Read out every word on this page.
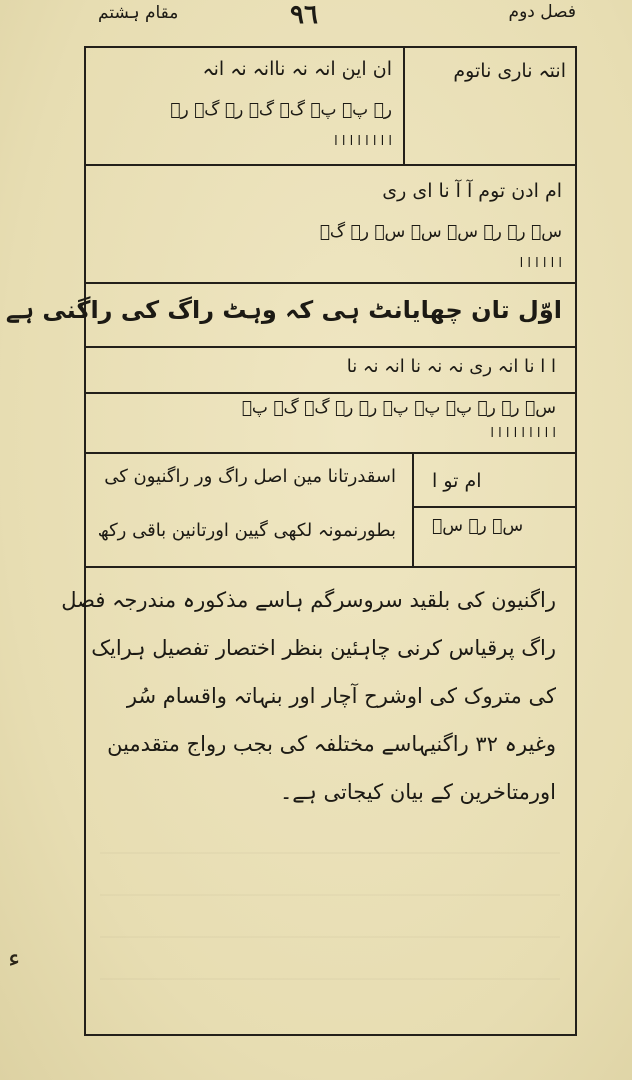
فصل دوم
٩٦
مقام ہشتم
انتہ ناری ناتوم
ان این انہ نہ ناانہ نہ انہ
رؑ پؑ پؑ گؑ گؑ رؑ گؑ رؑ
ا ا ا ا ا ا ا ا
ام ادن توم آ آ نا ای ری
سؑ رؑ رؑ سؑ سؑ سؑ رؑ گؑ
ا ا ا ا ا ا
اوّل تان چھایانٹ ہی کہ وہٹ راگ کی راگنی ہے
ا ا نا انہ ری نہ نہ نا انہ نہ نا
سؑ رؑ رؑ پؑ پؑ پؑ رؑ رؑ گؑ گؑ پؑ
ا ا ا ا ا ا ا ا ا
ام تو ا
سؑ رؑ سؑ
اسقدرتانا مین اصل راگ ور راگنیون کی
بطورنمونہ لکھی گیین اورتانین باقی رکھ
راگنیون کی بلقید سروسرگم ہاسے مذکورہ مندرجہ فصل
راگ پرقیاس کرنی چاہئین بنظر اختصار تفصیل ہرایک
کی متروک کی اوشرح آچار اور بنہاتہ واقسام سُر
وغیرہ ۳۲ راگنیہاسے مختلفہ کی بجب رواج متقدمین
اورمتاخرین کے بیان کیجاتی ہے۔
ء
